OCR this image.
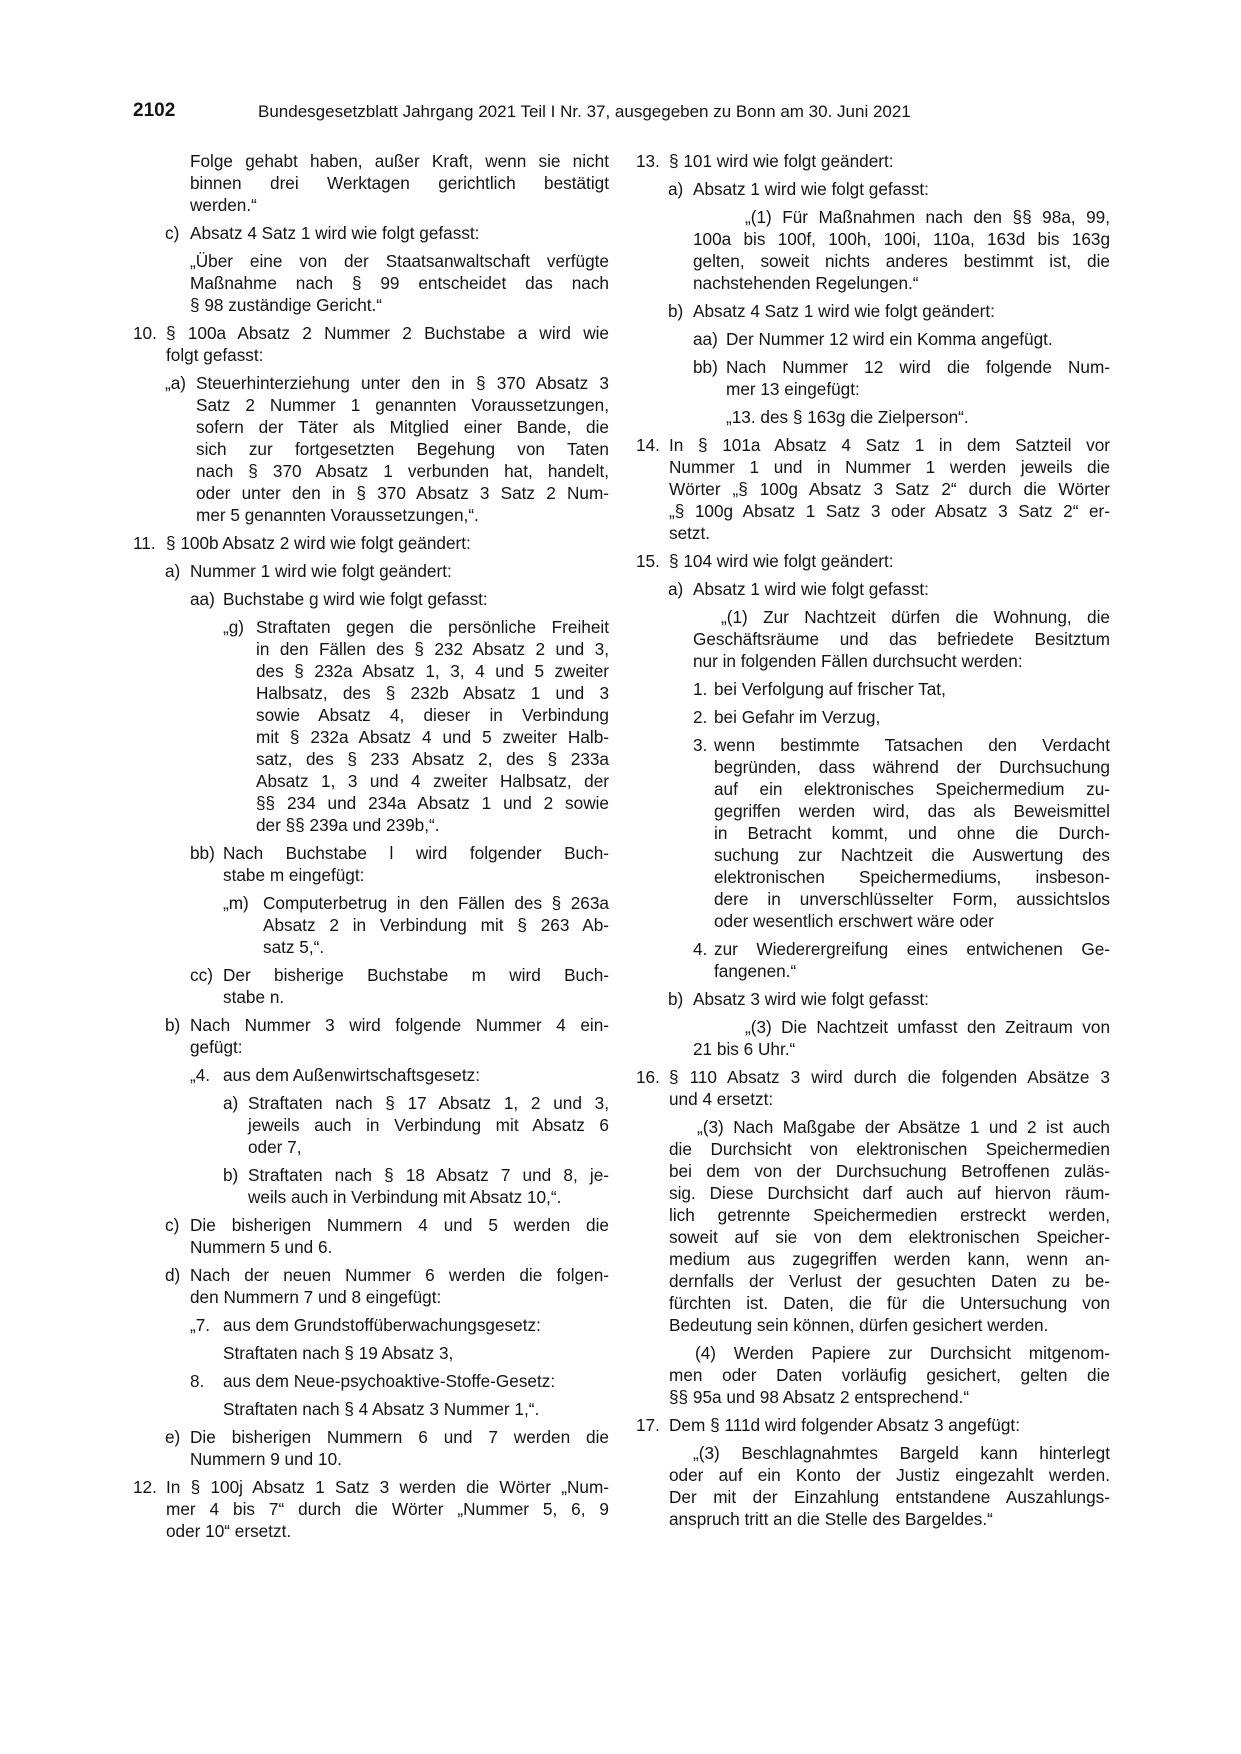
2102	Bundesgesetzblatt Jahrgang 2021 Teil I Nr. 37, ausgegeben zu Bonn am 30. Juni 2021
Folge gehabt haben, außer Kraft, wenn sie nicht
binnen drei Werktagen gerichtlich bestätigt
werden.“
c) Absatz 4 Satz 1 wird wie folgt gefasst:
„Über eine von der Staatsanwaltschaft verfügte
Maßnahme nach § 99 entscheidet das nach
§ 98 zuständige Gericht.“
10. § 100a Absatz 2 Nummer 2 Buchstabe a wird wie
folgt gefasst:
„a) Steuerhinterziehung unter den in § 370 Absatz 3
Satz 2 Nummer 1 genannten Voraussetzungen,
sofern der Täter als Mitglied einer Bande, die
sich zur fortgesetzten Begehung von Taten
nach § 370 Absatz 1 verbunden hat, handelt,
oder unter den in § 370 Absatz 3 Satz 2 Num-
mer 5 genannten Voraussetzungen,“.
11. § 100b Absatz 2 wird wie folgt geändert:
a) Nummer 1 wird wie folgt geändert:
aa) Buchstabe g wird wie folgt gefasst:
„g) Straftaten gegen die persönliche Freiheit
in den Fällen des § 232 Absatz 2 und 3,
des § 232a Absatz 1, 3, 4 und 5 zweiter
Halbsatz, des § 232b Absatz 1 und 3
sowie Absatz 4, dieser in Verbindung
mit § 232a Absatz 4 und 5 zweiter Halb-
satz, des § 233 Absatz 2, des § 233a
Absatz 1, 3 und 4 zweiter Halbsatz, der
§§ 234 und 234a Absatz 1 und 2 sowie
der §§ 239a und 239b,“.
bb) Nach Buchstabe l wird folgender Buch-
stabe m eingefügt:
„m) Computerbetrug in den Fällen des § 263a
Absatz 2 in Verbindung mit § 263 Ab-
satz 5,“.
cc) Der bisherige Buchstabe m wird Buch-
stabe n.
b) Nach Nummer 3 wird folgende Nummer 4 ein-
gefügt:
„4. aus dem Außenwirtschaftsgesetz:
a) Straftaten nach § 17 Absatz 1, 2 und 3,
jeweils auch in Verbindung mit Absatz 6
oder 7,
b) Straftaten nach § 18 Absatz 7 und 8, je-
weils auch in Verbindung mit Absatz 10,“.
c) Die bisherigen Nummern 4 und 5 werden die
Nummern 5 und 6.
d) Nach der neuen Nummer 6 werden die folgen-
den Nummern 7 und 8 eingefügt:
„7. aus dem Grundstoffüberwachungsgesetz:
Straftaten nach § 19 Absatz 3,
8. aus dem Neue-psychoaktive-Stoffe-Gesetz:
Straftaten nach § 4 Absatz 3 Nummer 1,“.
e) Die bisherigen Nummern 6 und 7 werden die
Nummern 9 und 10.
12. In § 100j Absatz 1 Satz 3 werden die Wörter „Num-
mer 4 bis 7“ durch die Wörter „Nummer 5, 6, 9
oder 10“ ersetzt.
13. § 101 wird wie folgt geändert:
a) Absatz 1 wird wie folgt gefasst:
„(1) Für Maßnahmen nach den §§ 98a, 99,
100a bis 100f, 100h, 100i, 110a, 163d bis 163g
gelten, soweit nichts anderes bestimmt ist, die
nachstehenden Regelungen.“
b) Absatz 4 Satz 1 wird wie folgt geändert:
aa) Der Nummer 12 wird ein Komma angefügt.
bb) Nach Nummer 12 wird die folgende Num-
mer 13 eingefügt:
„13. des § 163g die Zielperson“.
14. In § 101a Absatz 4 Satz 1 in dem Satzteil vor
Nummer 1 und in Nummer 1 werden jeweils die
Wörter „§ 100g Absatz 3 Satz 2“ durch die Wörter
„§ 100g Absatz 1 Satz 3 oder Absatz 3 Satz 2“ er-
setzt.
15. § 104 wird wie folgt geändert:
a) Absatz 1 wird wie folgt gefasst:
„(1) Zur Nachtzeit dürfen die Wohnung, die
Geschäftsräume und das befriedete Besitztum
nur in folgenden Fällen durchsucht werden:
1. bei Verfolgung auf frischer Tat,
2. bei Gefahr im Verzug,
3. wenn bestimmte Tatsachen den Verdacht
begründen, dass während der Durchsuchung
auf ein elektronisches Speichermedium zu-
gegriffen werden wird, das als Beweismittel
in Betracht kommt, und ohne die Durch-
suchung zur Nachtzeit die Auswertung des
elektronischen Speichermediums, insbeson-
dere in unverschlüsselter Form, aussichtslos
oder wesentlich erschwert wäre oder
4. zur Wiederergreifung eines entwichenen Ge-
fangenen.“
b) Absatz 3 wird wie folgt gefasst:
„(3) Die Nachtzeit umfasst den Zeitraum von
21 bis 6 Uhr.“
16. § 110 Absatz 3 wird durch die folgenden Absätze 3
und 4 ersetzt:
„(3) Nach Maßgabe der Absätze 1 und 2 ist auch
die Durchsicht von elektronischen Speichermedien
bei dem von der Durchsuchung Betroffenen zuläs-
sig. Diese Durchsicht darf auch auf hiervon räum-
lich getrennte Speichermedien erstreckt werden,
soweit auf sie von dem elektronischen Speicher-
medium aus zugegriffen werden kann, wenn an-
dernfalls der Verlust der gesuchten Daten zu be-
fürchten ist. Daten, die für die Untersuchung von
Bedeutung sein können, dürfen gesichert werden.
(4) Werden Papiere zur Durchsicht mitgenom-
men oder Daten vorläufig gesichert, gelten die
§§ 95a und 98 Absatz 2 entsprechend.“
17. Dem § 111d wird folgender Absatz 3 angefügt:
„(3) Beschlagnahmtes Bargeld kann hinterlegt
oder auf ein Konto der Justiz eingezahlt werden.
Der mit der Einzahlung entstandene Auszahlungs-
anspruch tritt an die Stelle des Bargeldes.“
